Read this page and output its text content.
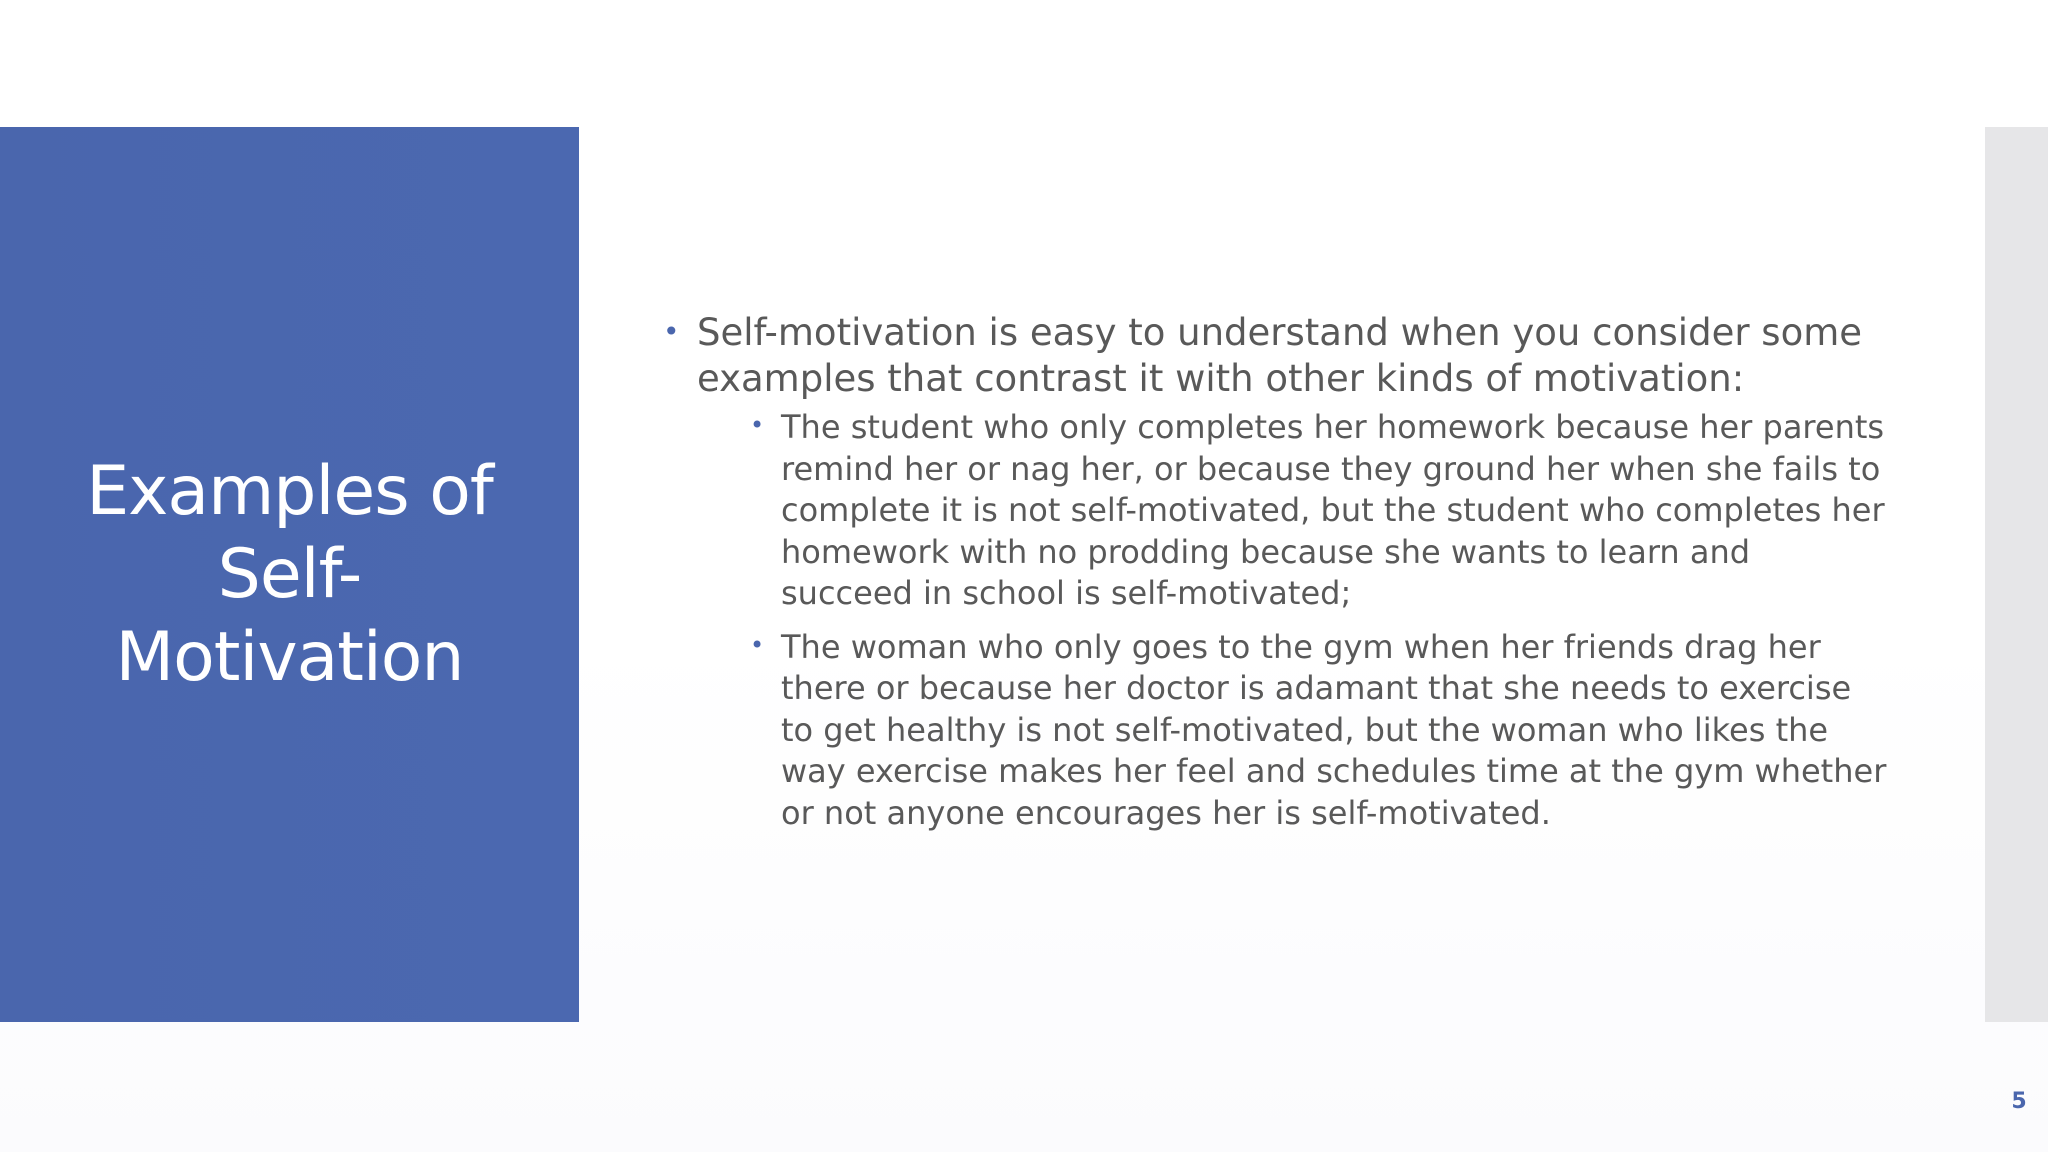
Examples of Self-Motivation
• Self-motivation is easy to understand when you consider some examples that contrast it with other kinds of motivation:
• The student who only completes her homework because her parents remind her or nag her, or because they ground her when she fails to complete it is not self-motivated, but the student who completes her homework with no prodding because she wants to learn and succeed in school is self-motivated;
• The woman who only goes to the gym when her friends drag her there or because her doctor is adamant that she needs to exercise to get healthy is not self-motivated, but the woman who likes the way exercise makes her feel and schedules time at the gym whether or not anyone encourages her is self-motivated.
5
